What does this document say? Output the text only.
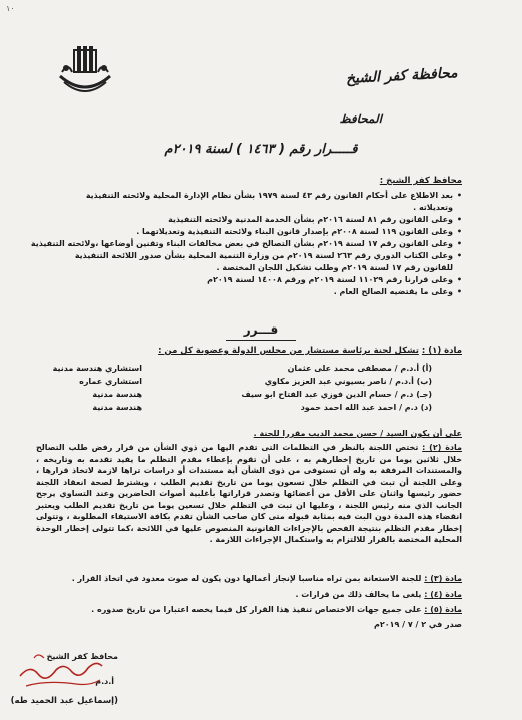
١٠
محافظة كفر الشيخ
المحافظ
قـــــرار رقم ( ١٤٦٣ ) لسنة ٢٠١٩م
محافظ كفر الشيخ :
• بعد الاطلاع على أحكام القانون رقم ٤٣ لسنة ١٩٧٩ بشأن نظام الإدارة المحلية ولائحته التنفيذية
وتعديلاته .
• وعلى القانون رقم ٨١ لسنة ٢٠١٦م بشأن الخدمة المدنية ولائحته التنفيذية
• وعلى القانون ١١٩ لسنة ٢٠٠٨م بإصدار قانون البناء ولائحته التنفيذية وتعديلاتهما .
• وعلى القانون رقم ١٧ لسنة ٢٠١٩م بشأن التصالح في بعض مخالفات البناء وتقنين أوضاعها ،ولائحته التنفيذية
• وعلى الكتاب الدوري رقم ٢٦٣ لسنة ٢٠١٩م من وزارة التنمية المحلية بشأن صدور اللائحة التنفيذية
للقانون رقم ١٧ لسنة ٢٠١٩م وطلب تشكيل اللجان المختصة .
• وعلى قرارنا رقم ١١٠٢٩ لسنة ٢٠١٩م ورقم ١٤٠٠٨ لسنة ٢٠١٩م
• وعلى ما يقتضيه الصالح العام .
قـــرر
مادة (١) : تشكل لجنة برئاسة مستشار من مجلس الدولة وعضوية كل من :
(أ) أ.د.م / مصطفى محمد على عثمان
استشاري هندسة مدنية
(ب) أ.د.م / ناصر بسيوني عبد العزيز مكاوي
استشاري عماره
(جـ) د.م / حسام الدين فوزي عبد الفتاح ابو سيف
هندسة مدنية
(د) د.م / احمد عبد الله احمد حمود
هندسة مدنية
على أن يكون السيد / حسن محمد الديب مقررا للجنة .
مادة (٢) : تختص اللجنة بالنظر في التظلمات التى تقدم اليها من ذوي الشأن من قرار رفض طلب التصالح خلال ثلاثين يوما من تاريخ إخطارهم به ، على أن تقوم بإعطاء مقدم التظلم ما يفيد تقدمه به وتاريخه ، والمستندات المرفقة به وله أن تستوفى من ذوى الشأن أية مستندات أو دراسات تراها لازمة لاتخاذ قرارها ، وعلى اللجنة أن تبت في التظلم خلال تسعون يوما من تاريخ تقديم الطلب ، ويشترط لصحة انعقاد اللجنة حضور رئيسها واثنان على الأقل من أعضائها وتصدر قراراتها بأغلبية أصوات الحاضرين وعند التساوي يرجح الجانب الذي منه رئيس اللجنة ، وعليها ان تبت في التظلم خلال تسعين يوما من تاريخ تقديم الطلب ويعتبر انقضاء هذه المدة دون البت فيه بمثابة قبوله متى كان صاحب الشأن تقدم بكافة الاستيفاء المطلوبة ، وتتولى إخطار مقدم التظلم بنتيجة الفحص بالإجراءات القانونية المنصوص عليها في اللائحة ،كما تتولى إخطار الوحدة المحلية المختصة بالقرار للالتزام به واستكمال الإجراءات اللازمة .
مادة (٣) : للجنة الاستعانة بمن تراه مناسبا لإنجاز أعمالها دون يكون له صوت معدود في اتخاذ القرار .
مادة (٤) : يلغى ما يخالف ذلك من قرارات .
مادة (٥) : على جميع جهات الاختصاص تنفيذ هذا القرار كل فيما يخصه اعتبارا من تاريخ صدوره .
صدر في ٢ / ٧ / ٢٠١٩م
محافظ كفر الشيخ
أ.د.م
(إسماعيل عبد الحميد طه)
